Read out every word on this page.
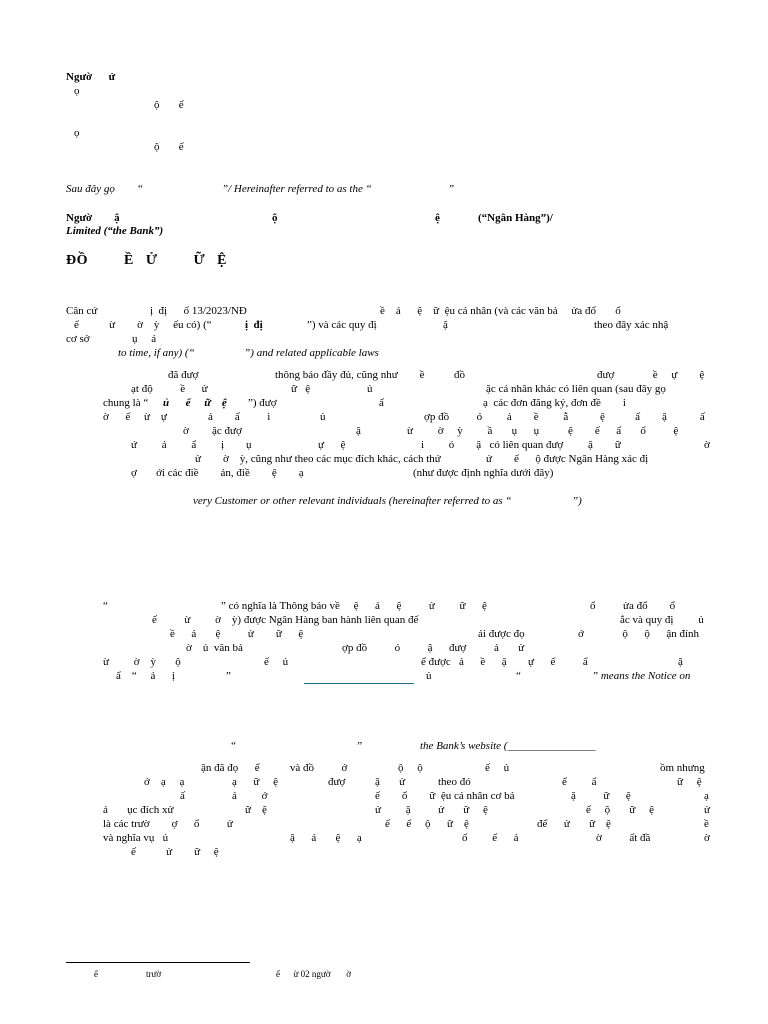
Ngườ      ử
ọ
ộ       ế
ọ
ộ       ế
Sau đây gọ        “	”/ Hereinafter referred to as the “	”
Ngườ        ậ	ộ	ệ	(“Ngân Hàng”)/
Limited (“the Bank”)
ĐỒ         Ề   Ử         Ữ   Ệ
Căn cứ	ị  đị      ố 13/2023/NĐ	ề    á      ệ    ữ  ệu cá nhân (và các văn bả     ửa đổ       ổ
ế           ừ        ờ    ỳ     ếu có) (“	ị  đị	”) và các quy đị	ậ	theo đây xác nhậ
cơ sở	ụ     ả
to time, if any) (“                  ”) and related applicable laws
đã đượ	thông báo đầy đủ, cũng như        ề	đồ	đượ              ề     ự        ệ
ạt độ          ề      ử	ữ   ệ	ủ	ặc cá nhân khác có liên quan (sau đây gọ
chung là “ ủ      ế     ữ    ệ ”) đượ	ấ	ạ  các đơn đăng ký, đơn đề        i
ờ      ế     ừ    ự	ả        ấ          i	ủ	ợp đồ          ó         ả        ề         ẫ	ệ           ấ        ậ            ấ
ờ ặc đượ	ậ	ừ         ờ     ỳ         ầ       ụ      ụ	ệ        ế      ấ       ổ          ệ
ứ         ả         ẩ         ị        ụ	ự      ệ	i         ó        ậ   có liên quan đượ         ậ        ữ	ờ
ử        ờ    ỳ, cũng như theo các mục đích khác, cách thứ	ử        ế      ộ được Ngân Hàng xác đị
ợ       ới các điề        ản, điề        ệ        ạ	(như được định nghĩa dưới đây)
very Customer or other relevant individuals (hereinafter referred to as “                      ”)
“	” có nghĩa là Thông báo về     ệ      ả      ệ          ử         ữ      ệ	ổ          ửa đổ        ổ
ế          ừ         ờ    ỳ) được Ngân Hàng ban hành liên quan đế	ắc và quy đị         ủ
ề      ả       ệ          ử        ữ      ệ	ải được đọ	ớ              ộ      ộ      ận đính
ờ    ủ  văn bả	ợp đồ          ó          ậ      đượ	ả       ử
ừ         ờ    ỳ       ộ	ế     ủ	ể được   ả      ề      ặ ự      ế          ẩ	ậ
ẩ    “     ả      ị	”	ủ	“	” means the Notice on
“	”	the Bank’s website (________________
ận đã đọ      ể           và đồ          ớ	ộ     ộ	ế     ủ	ồm nhưng
ớ    ạ     ạ	ạ      ữ     ệ	đượ	ậ       ử	theo đó	ể         ẩ	ữ     ệ
ấ	ả         ớ	ế        ổ        ữ  ệu cá nhân cơ bả	ặ          ữ      ệ	ạ
ả       ục đích xử	ữ    ệ	ử         ậ          ử       ữ     ệ	ế     ộ       ữ     ệ	ử
là các trườ        ợ      ổ          ử	ế      ế     ộ      ữ    ệ	để      ử       ữ    ệ	ề
và nghĩa vụ   ủ	ậ      ả       ệ      ạ	ố         ế      ả	ờ          ất đầ	ờ
ế           ử        ữ     ệ
ế	trườ	ế      ừ 02 ngườ       ờ
